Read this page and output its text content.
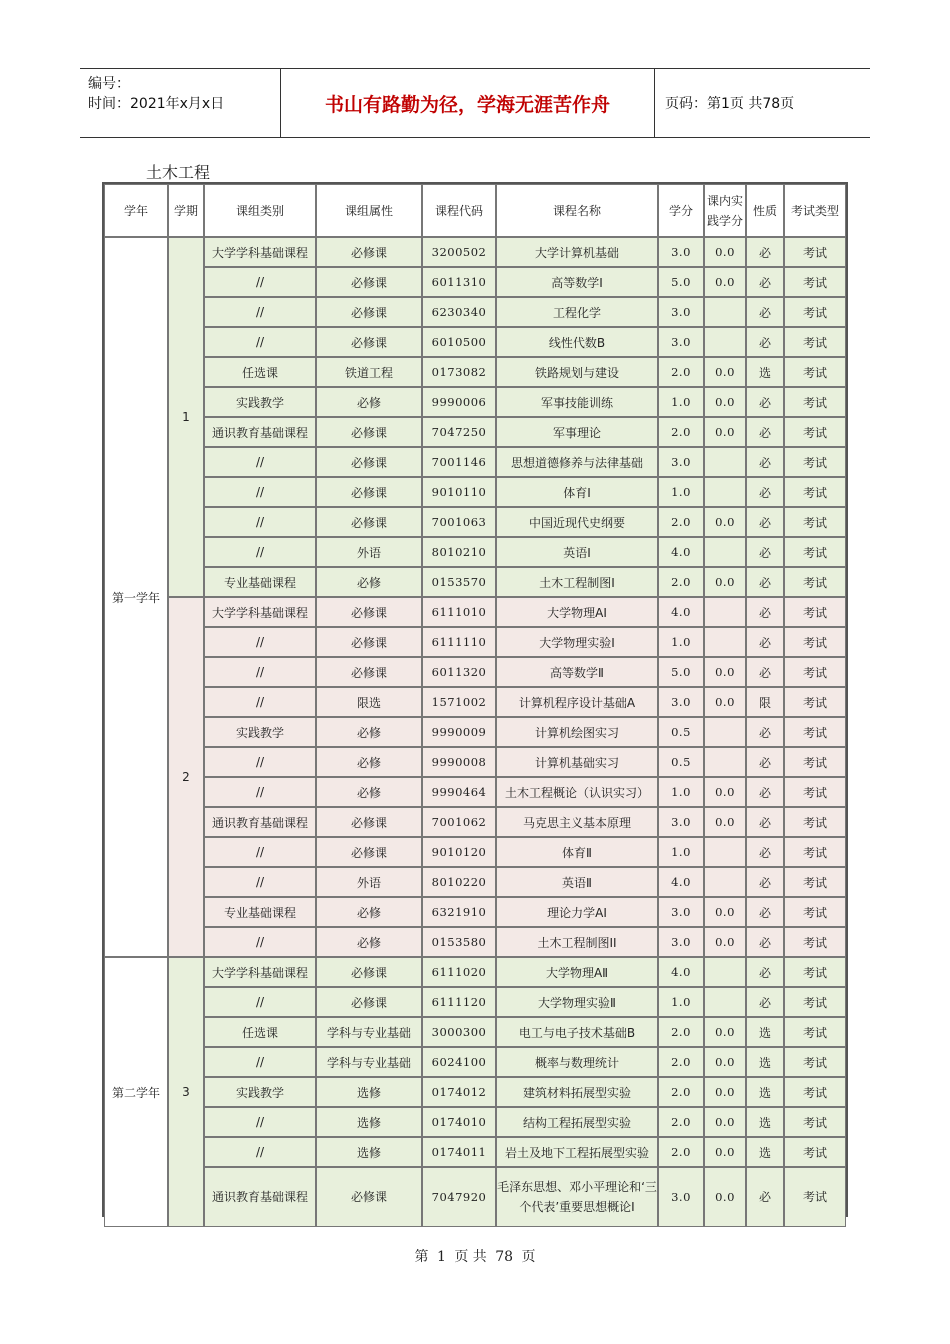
编号：
时间：2021年x月x日	书山有路勤为径，学海无涯苦作舟	页码：第1页 共78页
土木工程
学年	学期	课组类别	课组属性	课程代码	课程名称	学分	课内实践学分	性质	考试类型
第一学年	1	大学学科基础课程	必修课	3200502	大学计算机基础	3.0	0.0	必	考试
		//	必修课	6011310	高等数学Ⅰ	5.0	0.0	必	考试
		//	必修课	6230340	工程化学	3.0		必	考试
		//	必修课	6010500	线性代数B	3.0		必	考试
		任选课	铁道工程	0173082	铁路规划与建设	2.0	0.0	选	考试
		实践教学	必修	9990006	军事技能训练	1.0	0.0	必	考试
		通识教育基础课程	必修课	7047250	军事理论	2.0	0.0	必	考试
		//	必修课	7001146	思想道德修养与法律基础	3.0		必	考试
		//	必修课	9010110	体育Ⅰ	1.0		必	考试
		//	必修课	7001063	中国近现代史纲要	2.0	0.0	必	考试
		//	外语	8010210	英语Ⅰ	4.0		必	考试
		专业基础课程	必修	0153570	土木工程制图Ⅰ	2.0	0.0	必	考试
	2	大学学科基础课程	必修课	6111010	大学物理AⅠ	4.0		必	考试
		//	必修课	6111110	大学物理实验Ⅰ	1.0		必	考试
		//	必修课	6011320	高等数学Ⅱ	5.0	0.0	必	考试
		//	限选	1571002	计算机程序设计基础A	3.0	0.0	限	考试
		实践教学	必修	9990009	计算机绘图实习	0.5		必	考试
		//	必修	9990008	计算机基础实习	0.5		必	考试
		//	必修	9990464	土木工程概论（认识实习）	1.0	0.0	必	考试
		通识教育基础课程	必修课	7001062	马克思主义基本原理	3.0	0.0	必	考试
		//	必修课	9010120	体育Ⅱ	1.0		必	考试
		//	外语	8010220	英语Ⅱ	4.0		必	考试
		专业基础课程	必修	6321910	理论力学AⅠ	3.0	0.0	必	考试
		//	必修	0153580	土木工程制图II	3.0	0.0	必	考试
第二学年	3	大学学科基础课程	必修课	6111020	大学物理AⅡ	4.0		必	考试
		//	必修课	6111120	大学物理实验Ⅱ	1.0		必	考试
		任选课	学科与专业基础	3000300	电工与电子技术基础B	2.0	0.0	选	考试
		//	学科与专业基础	6024100	概率与数理统计	2.0	0.0	选	考试
		实践教学	选修	0174012	建筑材料拓展型实验	2.0	0.0	选	考试
		//	选修	0174010	结构工程拓展型实验	2.0	0.0	选	考试
		//	选修	0174011	岩土及地下工程拓展型实验	2.0	0.0	选	考试
		通识教育基础课程	必修课	7047920	毛泽东思想、邓小平理论和‘三个代表’重要思想概论Ⅰ	3.0	0.0	必	考试
第 1 页 共 78 页
